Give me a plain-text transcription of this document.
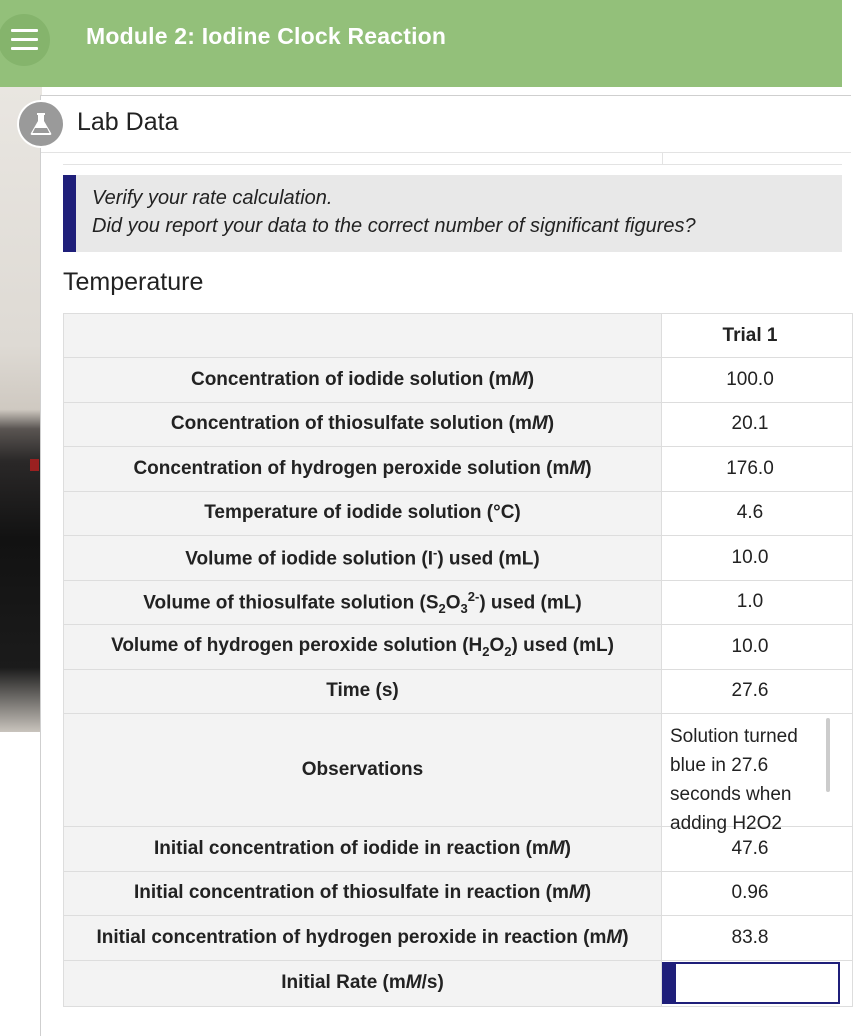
Module 2: Iodine Clock Reaction
Lab Data
Verify your rate calculation.
Did you report your data to the correct number of significant figures?
Temperature
	Trial 1
Concentration of iodide solution (mM)	100.0
Concentration of thiosulfate solution (mM)	20.1
Concentration of hydrogen peroxide solution (mM)	176.0
Temperature of iodide solution (°C)	4.6
Volume of iodide solution (I-) used (mL)	10.0
Volume of thiosulfate solution $(S_2O_3^{2-})$ used (mL)	1.0
Volume of hydrogen peroxide solution $(H_2O_2)$ used (mL)	10.0
Time (s)	27.6
Observations	Solution turned blue in 27.6 seconds when adding H2O2

Initial concentration of iodide in reaction (mM)	47.6
Initial concentration of thiosulfate in reaction (mM)	0.96
Initial concentration of hydrogen peroxide in reaction (mM)	83.8
Initial Rate (mM/s)	
